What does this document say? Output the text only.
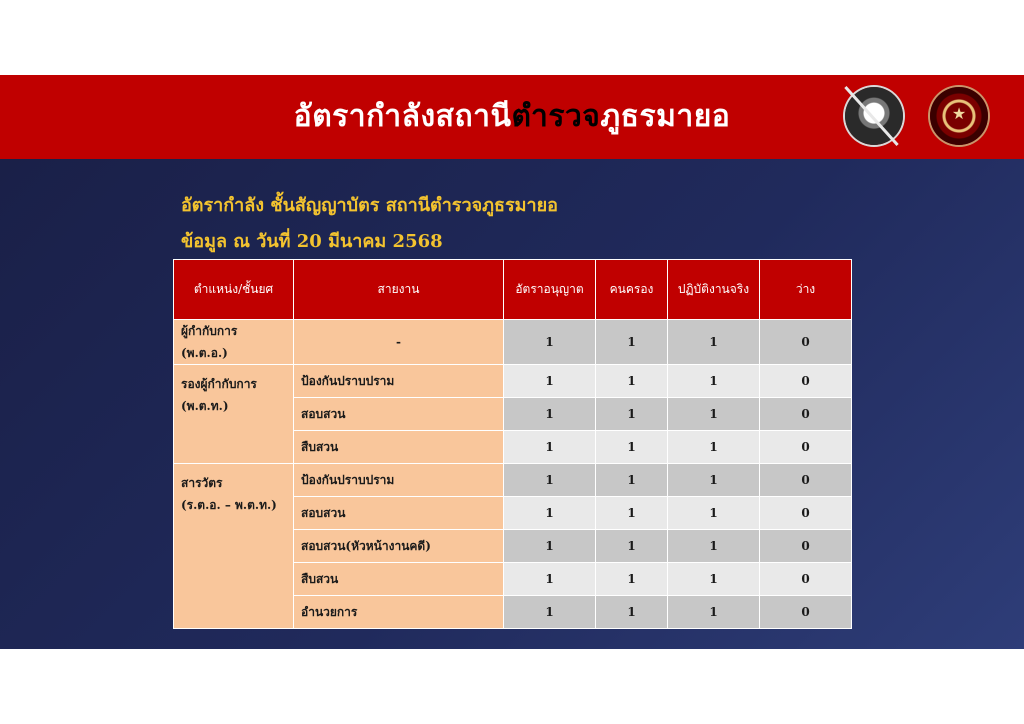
อัตรากำลังสถานีตำรวจภูธรมายอ
★
อัตรากำลัง ชั้นสัญญาบัตร สถานีตำรวจภูธรมายอ
ข้อมูล ณ วันที่ 20 มีนาคม 2568
ตำแหน่ง/ชั้นยศ	สายงาน	อัตราอนุญาต	คนครอง	ปฏิบัติงานจริง	ว่าง
ผู้กำกับการ (พ.ต.อ.)	-	1	1	1	0
รองผู้กำกับการ
(พ.ต.ท.)	ป้องกันปราบปราม	1	1	1	0
	สอบสวน	1	1	1	0
	สืบสวน	1	1	1	0
สารวัตร
(ร.ต.อ. – พ.ต.ท.)	ป้องกันปราบปราม	1	1	1	0
	สอบสวน	1	1	1	0
	สอบสวน(หัวหน้างานคดี)	1	1	1	0
	สืบสวน	1	1	1	0
	อำนวยการ	1	1	1	0
